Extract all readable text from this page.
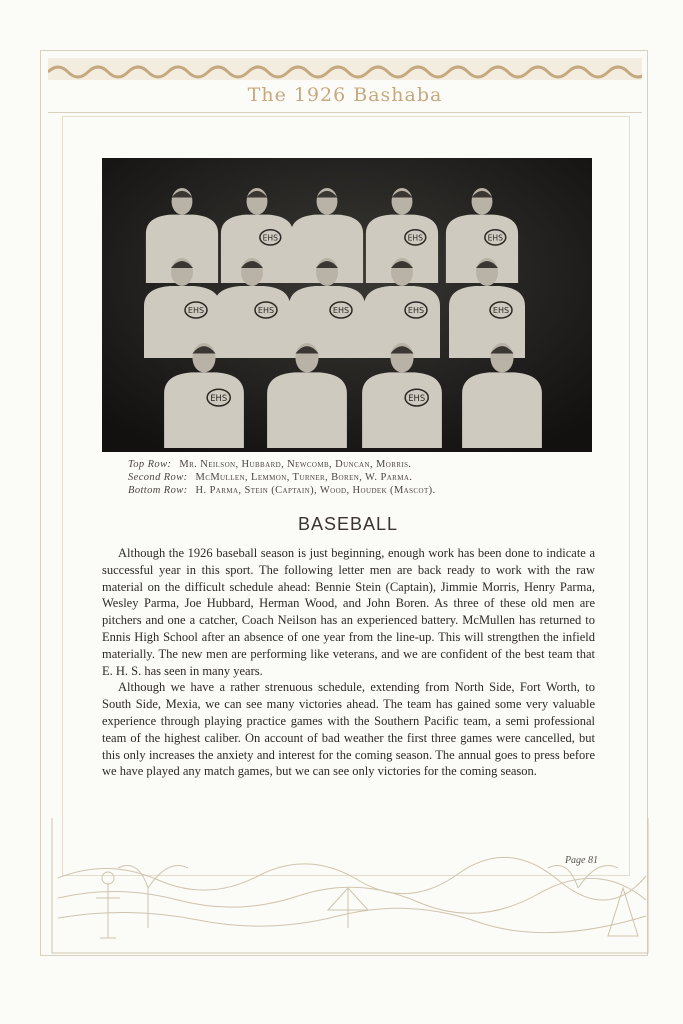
The 1926 Bashaba
EHS	EHS	EHS
EHS	EHS	EHS	EHS	EHS
EHS	EHS
Top Row: Mr. Neilson, Hubbard, Newcomb, Duncan, Morris.
Second Row: McMullen, Lemmon, Turner, Boren, W. Parma.
Bottom Row: H. Parma, Stein (Captain), Wood, Houdek (Mascot).
BASEBALL

Although the 1926 baseball season is just beginning, enough work has been done to indicate a successful year in this sport. The following letter men are back ready to work with the raw material on the difficult schedule ahead: Bennie Stein (Captain), Jimmie Morris, Henry Parma, Wesley Parma, Joe Hubbard, Herman Wood, and John Boren. As three of these old men are pitchers and one a catcher, Coach Neilson has an experienced battery. McMullen has returned to Ennis High School after an absence of one year from the line-up. This will strengthen the infield materially. The new men are performing like veterans, and we are confident of the best team that E. H. S. has seen in many years.

Although we have a rather strenuous schedule, extending from North Side, Fort Worth, to South Side, Mexia, we can see many victories ahead. The team has gained some very valuable experience through playing practice games with the Southern Pacific team, a semi professional team of the highest caliber. On account of bad weather the first three games were cancelled, but this only increases the anxiety and interest for the coming season. The annual goes to press before we have played any match games, but we can see only victories for the coming season.

Page 81
